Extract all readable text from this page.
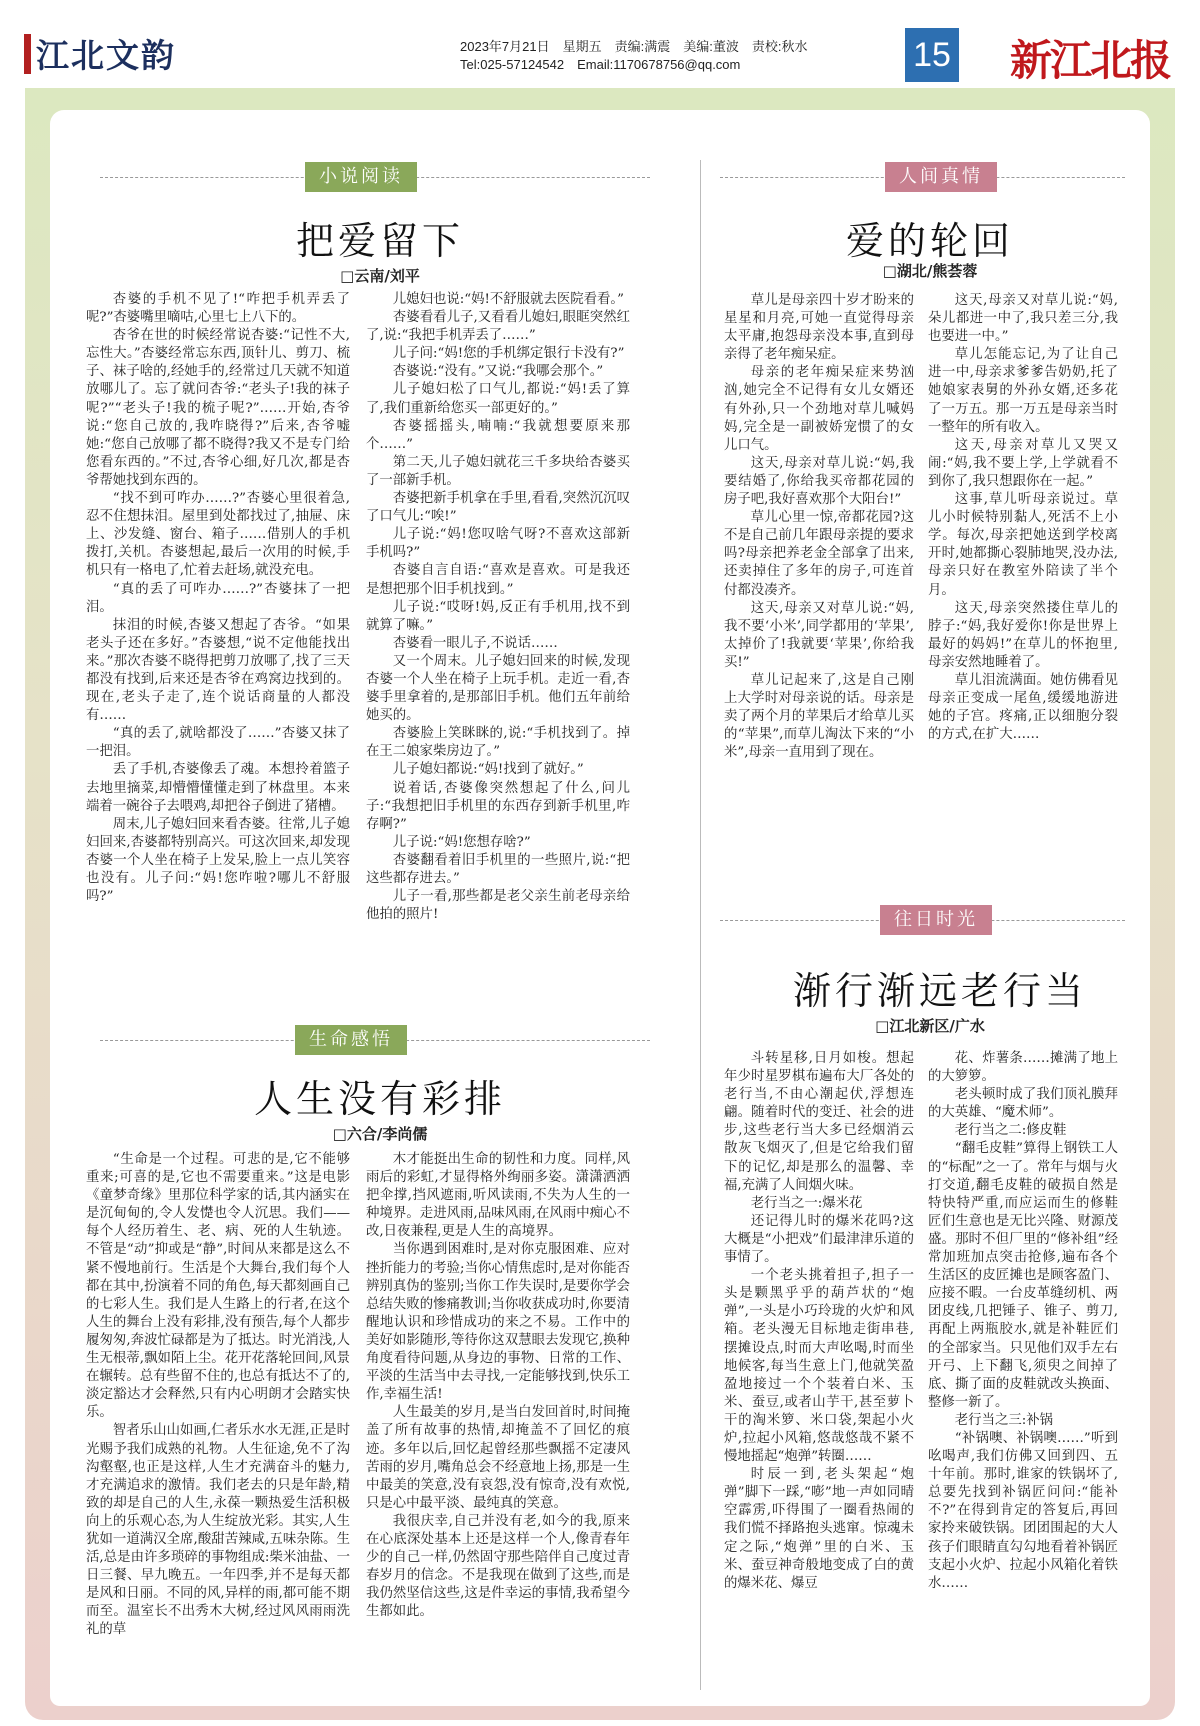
江北文韵	2023年7月21日　星期五　责编:满震　美编:董波　责校:秋水
Tel:025-57124542　Email:1170678756@qq.com	15 新江北报
小说阅读
把爱留下
□云南/刘平

杏婆的手机不见了!“咋把手机弄丢了呢?”杏婆嘴里嘀咕,心里七上八下的。

杏爷在世的时候经常说杏婆:“记性不大,忘性大。”杏婆经常忘东西,顶针儿、剪刀、梳子、袜子啥的,经她手的,经常过几天就不知道放哪儿了。忘了就问杏爷:“老头子!我的袜子呢?”“老头子!我的梳子呢?”……开始,杏爷说:“您自己放的,我咋晓得?”后来,杏爷嘘她:“您自己放哪了都不晓得?我又不是专门给您看东西的。”不过,杏爷心细,好几次,都是杏爷帮她找到东西的。

“找不到可咋办……?”杏婆心里很着急,忍不住想抹泪。屋里到处都找过了,抽屉、床上、沙发缝、窗台、箱子……借别人的手机拨打,关机。杏婆想起,最后一次用的时候,手机只有一格电了,忙着去赶场,就没充电。

“真的丢了可咋办……?”杏婆抹了一把泪。

抹泪的时候,杏婆又想起了杏爷。“如果老头子还在多好。”杏婆想,“说不定他能找出来。”那次杏婆不晓得把剪刀放哪了,找了三天都没有找到,后来还是杏爷在鸡窝边找到的。现在,老头子走了,连个说话商量的人都没有……

“真的丢了,就啥都没了……”杏婆又抹了一把泪。

丢了手机,杏婆像丢了魂。本想拎着篮子去地里摘菜,却懵懵懂懂走到了林盘里。本来端着一碗谷子去喂鸡,却把谷子倒进了猪槽。

周末,儿子媳妇回来看杏婆。往常,儿子媳妇回来,杏婆都特别高兴。可这次回来,却发现杏婆一个人坐在椅子上发呆,脸上一点儿笑容也没有。儿子问:“妈!您咋啦?哪儿不舒服吗?”

儿媳妇也说:“妈!不舒服就去医院看看。”

杏婆看看儿子,又看看儿媳妇,眼眶突然红了,说:“我把手机弄丢了……”

儿子问:“妈!您的手机绑定银行卡没有?”

杏婆说:“没有。”又说:“我哪会那个。”

儿子媳妇松了口气儿,都说:“妈!丢了算了,我们重新给您买一部更好的。”

杏婆摇摇头,喃喃:“我就想要原来那个……”

第二天,儿子媳妇就花三千多块给杏婆买了一部新手机。

杏婆把新手机拿在手里,看看,突然沉沉叹了口气儿:“唉!”

儿子说:“妈!您叹啥气呀?不喜欢这部新手机吗?”

杏婆自言自语:“喜欢是喜欢。可是我还是想把那个旧手机找到。”

儿子说:“哎呀!妈,反正有手机用,找不到就算了嘛。”

杏婆看一眼儿子,不说话……

又一个周末。儿子媳妇回来的时候,发现杏婆一个人坐在椅子上玩手机。走近一看,杏婆手里拿着的,是那部旧手机。他们五年前给她买的。

杏婆脸上笑眯眯的,说:“手机找到了。掉在王二娘家柴房边了。”

儿子媳妇都说:“妈!找到了就好。”

说着话,杏婆像突然想起了什么,问儿子:“我想把旧手机里的东西存到新手机里,咋存啊?”

儿子说:“妈!您想存啥?”

杏婆翻看着旧手机里的一些照片,说:“把这些都存进去。”

儿子一看,那些都是老父亲生前老母亲给他拍的照片!

生命感悟
人生没有彩排
□六合/李尚儒

“生命是一个过程。可悲的是,它不能够重来;可喜的是,它也不需要重来。”这是电影《童梦奇缘》里那位科学家的话,其内涵实在是沉甸甸的,令人发憷也令人沉思。我们——每个人经历着生、老、病、死的人生轨迹。不管是“动”抑或是“静”,时间从来都是这么不紧不慢地前行。生活是个大舞台,我们每个人都在其中,扮演着不同的角色,每天都刻画自己的七彩人生。我们是人生路上的行者,在这个人生的舞台上没有彩排,没有预告,每个人都步履匆匆,奔波忙碌都是为了抵达。时光消浅,人生无根蒂,飘如陌上尘。花开花落轮回间,风景在辗转。总有些留不住的,也总有抵达不了的,淡定豁达才会释然,只有内心明朗才会踏实快乐。

智者乐山山如画,仁者乐水水无涯,正是时光赐予我们成熟的礼物。人生征途,免不了沟沟壑壑,也正是这样,人生才充满奋斗的魅力,才充满追求的激情。我们老去的只是年龄,精致的却是自己的人生,永葆一颗热爱生活积极向上的乐观心态,为人生绽放光彩。其实,人生犹如一道满汉全席,酸甜苦辣咸,五味杂陈。生活,总是由许多琐碎的事物组成:柴米油盐、一日三餐、早九晚五。一年四季,并不是每天都是风和日丽。不同的风,异样的雨,都可能不期而至。温室长不出秀木大树,经过风风雨雨洗礼的草

木才能挺出生命的韧性和力度。同样,风雨后的彩虹,才显得格外绚丽多姿。潇潇洒洒把伞撑,挡风遮雨,听风读雨,不失为人生的一种境界。走进风雨,品味风雨,在风雨中痴心不改,日夜兼程,更是人生的高境界。

当你遇到困难时,是对你克服困难、应对挫折能力的考验;当你心情焦虑时,是对你能否辨别真伪的鉴别;当你工作失误时,是要你学会总结失败的惨痛教训;当你收获成功时,你要清醒地认识和珍惜成功的来之不易。工作中的美好如影随形,等待你这双慧眼去发现它,换种角度看待问题,从身边的事物、日常的工作、平淡的生活当中去寻找,一定能够找到,快乐工作,幸福生活!

人生最美的岁月,是当白发回首时,时间掩盖了所有故事的热情,却掩盖不了回忆的痕迹。多年以后,回忆起曾经那些飘摇不定凄风苦雨的岁月,嘴角总会不经意地上扬,那是一生中最美的笑意,没有哀怨,没有惊奇,没有欢悦,只是心中最平淡、最纯真的笑意。

我很庆幸,自己并没有老,如今的我,原来在心底深处基本上还是这样一个人,像青春年少的自己一样,仍然固守那些陪伴自己度过青春岁月的信念。不是我现在做到了这些,而是我仍然坚信这些,这是件幸运的事情,我希望今生都如此。

人间真情
爱的轮回
□湖北/熊荟蓉

草儿是母亲四十岁才盼来的星星和月亮,可她一直觉得母亲太平庸,抱怨母亲没本事,直到母亲得了老年痴呆症。

母亲的老年痴呆症来势汹汹,她完全不记得有女儿女婿还有外孙,只一个劲地对草儿喊妈妈,完全是一副被娇宠惯了的女儿口气。

这天,母亲对草儿说:“妈,我要结婚了,你给我买帝都花园的房子吧,我好喜欢那个大阳台!”

草儿心里一惊,帝都花园?这不是自己前几年跟母亲提的要求吗?母亲把养老金全部拿了出来,还卖掉住了多年的房子,可连首付都没凑齐。

这天,母亲又对草儿说:“妈,我不要‘小米’,同学都用的‘苹果’,太掉价了!我就要‘苹果’,你给我买!”

草儿记起来了,这是自己刚上大学时对母亲说的话。母亲是卖了两个月的苹果后才给草儿买的“苹果”,而草儿淘汰下来的“小米”,母亲一直用到了现在。

这天,母亲又对草儿说:“妈,朵儿都进一中了,我只差三分,我也要进一中。”

草儿怎能忘记,为了让自己进一中,母亲求爹爹告奶奶,托了她娘家表舅的外孙女婿,还多花了一万五。那一万五是母亲当时一整年的所有收入。

这天,母亲对草儿又哭又闹:“妈,我不要上学,上学就看不到你了,我只想跟你在一起。”

这事,草儿听母亲说过。草儿小时候特别黏人,死活不上小学。每次,母亲把她送到学校离开时,她都撕心裂肺地哭,没办法,母亲只好在教室外陪读了半个月。

这天,母亲突然搂住草儿的脖子:“妈,我好爱你!你是世界上最好的妈妈!”在草儿的怀抱里,母亲安然地睡着了。

草儿泪流满面。她仿佛看见母亲正变成一尾鱼,缓缓地游进她的子宫。疼痛,正以细胞分裂的方式,在扩大……

往日时光
渐行渐远老行当
□江北新区/广水

斗转星移,日月如梭。想起年少时星罗棋布遍布大厂各处的老行当,不由心潮起伏,浮想连翩。随着时代的变迁、社会的进步,这些老行当大多已经烟消云散灰飞烟灭了,但是它给我们留下的记忆,却是那么的温馨、幸福,充满了人间烟火味。

老行当之一:爆米花

还记得儿时的爆米花吗?这大概是“小把戏”们最津津乐道的事情了。

一个老头挑着担子,担子一头是颗黑乎乎的葫芦状的“炮弹”,一头是小巧玲珑的火炉和风箱。老头漫无目标地走街串巷,摆摊设点,时而大声吆喝,时而坐地候客,每当生意上门,他就笑盈盈地接过一个个装着白米、玉米、蚕豆,或者山芋干,甚至萝卜干的淘米箩、米口袋,架起小火炉,拉起小风箱,悠哉悠哉不紧不慢地摇起“炮弹”转圈……

时辰一到,老头架起“炮弹”脚下一踩,“嘭”地一声如同晴空霹雳,吓得围了一圈看热闹的我们慌不择路抱头逃窜。惊魂未定之际,“炮弹”里的白米、玉米、蚕豆神奇般地变成了白的黄的爆米花、爆豆

花、炸薯条……摊满了地上的大箩箩。

老头顿时成了我们顶礼膜拜的大英雄、“魔术师”。

老行当之二:修皮鞋

“翻毛皮鞋”算得上钢铁工人的“标配”之一了。常年与烟与火打交道,翻毛皮鞋的破损自然是特快特严重,而应运而生的修鞋匠们生意也是无比兴隆、财源茂盛。那时不但厂里的“修补组”经常加班加点突击抢修,遍布各个生活区的皮匠摊也是顾客盈门、应接不暇。一台皮革缝纫机、两团皮线,几把锤子、锥子、剪刀,再配上两瓶胶水,就是补鞋匠们的全部家当。只见他们双手左右开弓、上下翻飞,须臾之间掉了底、撕了面的皮鞋就改头换面、整修一新了。

老行当之三:补锅

“补锅噢、补锅噢……”听到吆喝声,我们仿佛又回到四、五十年前。那时,谁家的铁锅坏了,总要先找到补锅匠问问:“能补不?”在得到肯定的答复后,再回家拎来破铁锅。团团围起的大人孩子们眼睛直勾勾地看着补锅匠支起小火炉、拉起小风箱化着铁水……
